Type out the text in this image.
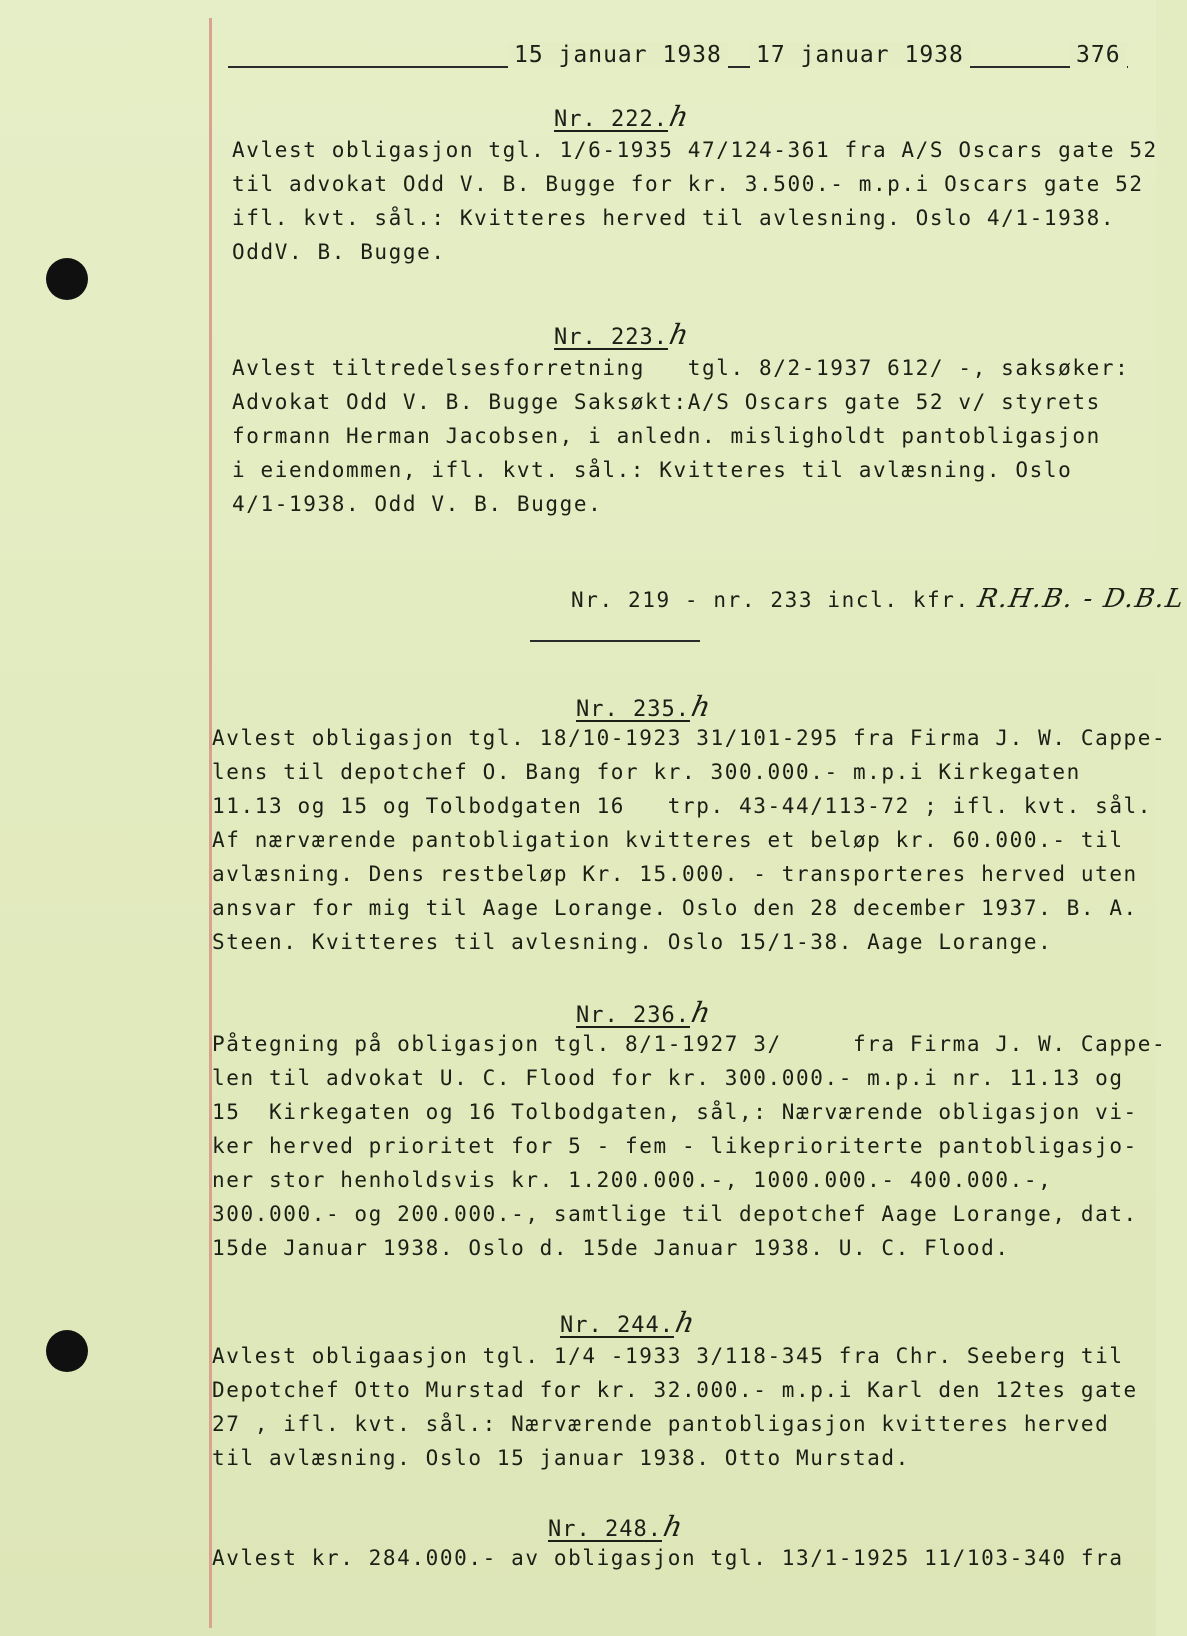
15 januar 1938 17 januar 1938	376
Nr. 222.h
Avlest obligasjon tgl. 1/6-1935 47/124-361 fra A/S Oscars gate 52
til advokat Odd V. B. Bugge for kr. 3.500.- m.p.i Oscars gate 52
ifl. kvt. sål.: Kvitteres herved til avlesning. Oslo 4/1-1938.
OddV. B. Bugge.
Nr. 223.h
Avlest tiltredelsesforretning   tgl. 8/2-1937 612/ -, saksøker:
Advokat Odd V. B. Bugge Saksøkt:A/S Oscars gate 52 v/ styrets
formann Herman Jacobsen, i anledn. misligholdt pantobligasjon
i eiendommen, ifl. kvt. sål.: Kvitteres til avlæsning. Oslo
4/1-1938. Odd V. B. Bugge.

Nr. 219 - nr. 233 incl. kfr. R.H.B. - D.B.L

Nr. 235.h
Avlest obligasjon tgl. 18/10-1923 31/101-295 fra Firma J. W. Cappe-
lens til depotchef O. Bang for kr. 300.000.- m.p.i Kirkegaten
11.13 og 15 og Tolbodgaten 16   trp. 43-44/113-72 ; ifl. kvt. sål.
Af nærværende pantobligation kvitteres et beløp kr. 60.000.- til
avlæsning. Dens restbeløp Kr. 15.000. - transporteres herved uten
ansvar for mig til Aage Lorange. Oslo den 28 december 1937. B. A.
Steen. Kvitteres til avlesning. Oslo 15/1-38. Aage Lorange.
Nr. 236.h
Påtegning på obligasjon tgl. 8/1-1927 3/     fra Firma J. W. Cappe-
len til advokat U. C. Flood for kr. 300.000.- m.p.i nr. 11.13 og
15  Kirkegaten og 16 Tolbodgaten, sål,: Nærværende obligasjon vi-
ker herved prioritet for 5 - fem - likeprioriterte pantobligasjo-
ner stor henholdsvis kr. 1.200.000.-, 1000.000.- 400.000.-,
300.000.- og 200.000.-, samtlige til depotchef Aage Lorange, dat.
15de Januar 1938. Oslo d. 15de Januar 1938. U. C. Flood.
Nr. 244.h
Avlest obligaasjon tgl. 1/4 -1933 3/118-345 fra Chr. Seeberg til
Depotchef Otto Murstad for kr. 32.000.- m.p.i Karl den 12tes gate
27 , ifl. kvt. sål.: Nærværende pantobligasjon kvitteres herved
til avlæsning. Oslo 15 januar 1938. Otto Murstad.
Nr. 248.h
Avlest kr. 284.000.- av obligasjon tgl. 13/1-1925 11/103-340 fra
